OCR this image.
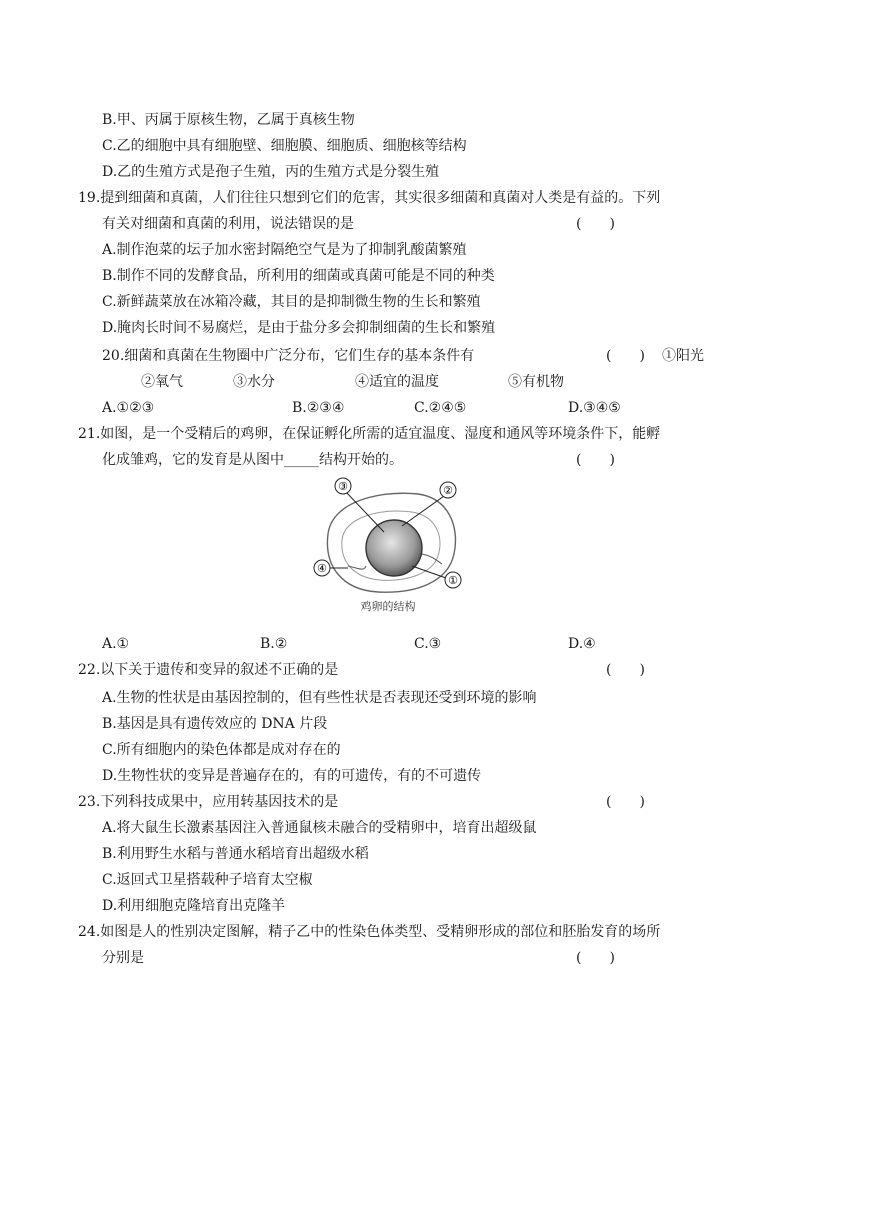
B.甲、丙属于原核生物，乙属于真核生物
C.乙的细胞中具有细胞壁、细胞膜、细胞质、细胞核等结构
D.乙的生殖方式是孢子生殖，丙的生殖方式是分裂生殖
19.提到细菌和真菌，人们往往只想到它们的危害，其实很多细菌和真菌对人类是有益的。下列
有关对细菌和真菌的利用，说法错误的是	(　　)
A.制作泡菜的坛子加水密封隔绝空气是为了抑制乳酸菌繁殖
B.制作不同的发酵食品，所利用的细菌或真菌可能是不同的种类
C.新鲜蔬菜放在冰箱冷藏，其目的是抑制微生物的生长和繁殖
D.腌肉长时间不易腐烂，是由于盐分多会抑制细菌的生长和繁殖
20.细菌和真菌在生物圈中广泛分布，它们生存的基本条件有	(　　) ①阳光
②氧气	③水分	④适宜的温度	⑤有机物
A.①②③	B.②③④	C.②④⑤	D.③④⑤
21.如图，是一个受精后的鸡卵，在保证孵化所需的适宜温度、湿度和通风等环境条件下，能孵
化成雏鸡，它的发育是从图中_____结构开始的。	(　　)
③	②
①
④
鸡卵的结构
A.①	B.②	C.③	D.④
22.以下关于遗传和变异的叙述不正确的是	(　　)
A.生物的性状是由基因控制的，但有些性状是否表现还受到环境的影响
B.基因是具有遗传效应的 DNA 片段
C.所有细胞内的染色体都是成对存在的
D.生物性状的变异是普遍存在的，有的可遗传，有的不可遗传
23.下列科技成果中，应用转基因技术的是	(　　)
A.将大鼠生长激素基因注入普通鼠核未融合的受精卵中，培育出超级鼠
B.利用野生水稻与普通水稻培育出超级水稻
C.返回式卫星搭载种子培育太空椒
D.利用细胞克隆培育出克隆羊
24.如图是人的性别决定图解，精子乙中的性染色体类型、受精卵形成的部位和胚胎发育的场所
分别是	(　　)
